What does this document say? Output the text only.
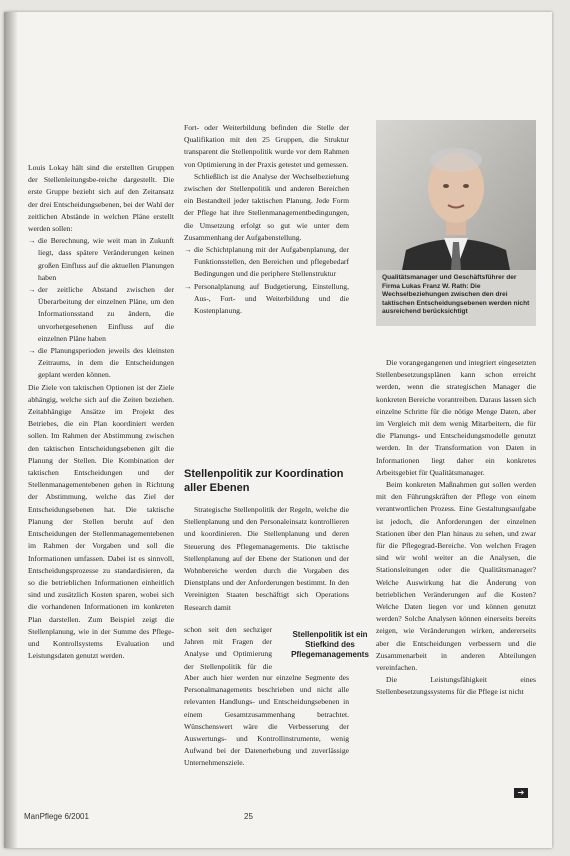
Louis Lokay hält sind die erstellten Gruppen der Stellenleitungsbe-reiche dargestellt. Die erste Gruppe bezieht sich auf den Zeitansatz der drei Entscheidungsebenen, bei der Wahl der zeitlichen Abstände in welchen Pläne erstellt werden sollen:

→ die Berechnung, wie weit man in Zukunft liegt, dass spätere Veränderungen keinen großen Einfluss auf die aktuellen Planungen haben
→ der zeitliche Abstand zwischen der Überarbeitung der einzelnen Pläne, um den Informationsstand zu ändern, die unvorhergesehenen Einfluss auf die einzelnen Pläne haben
→ die Planungsperioden jeweils des kleinsten Zeitraums, in dem die Entscheidungen geplant werden können.

Die Ziele von taktischen Optionen ist der Ziele abhängig, welche sich auf die Zeiten beziehen. Zeitabhängige Ansätze im Projekt des Betriebes, die ein Plan koordiniert werden sollen. Im Rahmen der Abstimmung zwischen den taktischen Entscheidungsebenen gilt die Planung der Stellen. Die Kombination der taktischen Entscheidungen und der Stellenmanagementebenen gehen in Richtung der Abstimmung, welche das Ziel der Entscheidungsebenen hat. Die taktische Planung der Stellen beruht auf den Entscheidungen der Stellenmanagementebenen im Rahmen der Vorgaben und soll die Informationen umfassen. Dabei ist es sinnvoll, Entscheidungsprozesse zu standardisieren, da so die betrieblichen Informationen einheitlich sind und zusätzlich Kosten sparen, wobei sich die vorhandenen Informationen im konkreten Plan darstellen. Zum Beispiel zeigt die Stellenplanung, wie in der Summe des Pflege- und Kontrollsystems Evaluation und Leistungsdaten genutzt werden.

Fort- oder Weiterbildung befinden die Stelle der Qualifikation mit den 25 Gruppen, die Struktur transparent die Stellenpolitik wurde vor dem Rahmen von Optimierung in der Praxis getestet und gemessen.

Schließlich ist die Analyse der Wechselbeziehung zwischen der Stellenpolitik und anderen Bereichen ein Bestandteil jeder taktischen Planung. Jede Form der Pflege hat ihre Stellenmanagementbedingungen, die Umsetzung erfolgt so gut wie unter dem Zusammenhang der Aufgabenstellung.

→ die Schichtplanung mit der Aufgabenplanung, der Funktionsstellen, den Bereichen und pflegebedarf Bedingungen und die periphere Stellenstruktur
→ Personalplanung auf Budgetierung, Einstellung, Aus-, Fort- und Weiterbildung und die Kostenplanung.
Stellenpolitik zur Koordination aller Ebenen

Strategische Stellenpolitik der Regeln, welche die Stellenplanung und den Personaleinsatz kontrollieren und koordinieren. Die Stellenplanung und deren Steuerung des Pflegemanagements. Die taktische Stellenplanung auf der Ebene der Stationen und der Wohnbereiche werden durch die Vorgaben des Dienstplans und der Anforderungen bestimmt. In den Vereinigten Staaten beschäftigt sich Operations Research damit

schon seit den sechziger Jahren mit Fragen der Analyse und Optimierung der Stellenpolitik für die

Stellenpolitik ist ein Stiefkind des Pflegemanagements

Aber auch hier werden nur einzelne Segmente des Personalmanagements beschrieben und nicht alle relevanten Handlungs- und Entscheidungsebenen in einem Gesamtzusammenhang betrachtet. Wünschenswert wäre die Verbesserung der Auswertungs- und Kontrollinstrumente, wenig Aufwand bei der Datenerhebung und zuverlässige Unternehmensziele.

Qualitätsmanager und Geschäftsführer der Firma Lukas Franz W. Rath: Die Wechselbeziehungen zwischen den drei taktischen Entscheidungsebenen werden nicht ausreichend berücksichtigt

Die vorangegangenen und integriert eingesetzten Stellenbesetzungsplänen kann schon erreicht werden, wenn die strategischen Manager die konkreten Bereiche vorantreiben. Daraus lassen sich einzelne Schritte für die nötige Menge Daten, aber im Vergleich mit dem wenig Mitarbeitern, die für die Planungs- und Entscheidungsmodelle genutzt werden. In der Transformation von Daten in Informationen liegt daher ein konkretes Arbeitsgebiet für Qualitätsmanager.

Beim konkreten Maßnahmen gut sollen werden mit den Führungskräften der Pflege von einem verantwortlichen Prozess. Eine Gestaltungsaufgabe ist jedoch, die Anforderungen der einzelnen Stationen über den Plan hinaus zu sehen, und zwar für die Pflegegrad-Bereiche. Von welchen Fragen sind wir wohl weiter an die Analysen, die Stationsleitungen oder die Qualitätsmanager? Welche Auswirkung hat die Änderung von betrieblichen Veränderungen auf die Kosten? Welche Daten liegen vor und können genutzt werden? Solche Analysen können einerseits bereits zeigen, wie Veränderungen wirken, andererseits aber die Entscheidungen verbessern und die Zusammenarbeit in anderen Abteilungen vereinfachen.

Die Leistungsfähigkeit eines Stellenbesetzungssystems für die Pflege ist nicht

➔
ManPflege 6/2001	25
